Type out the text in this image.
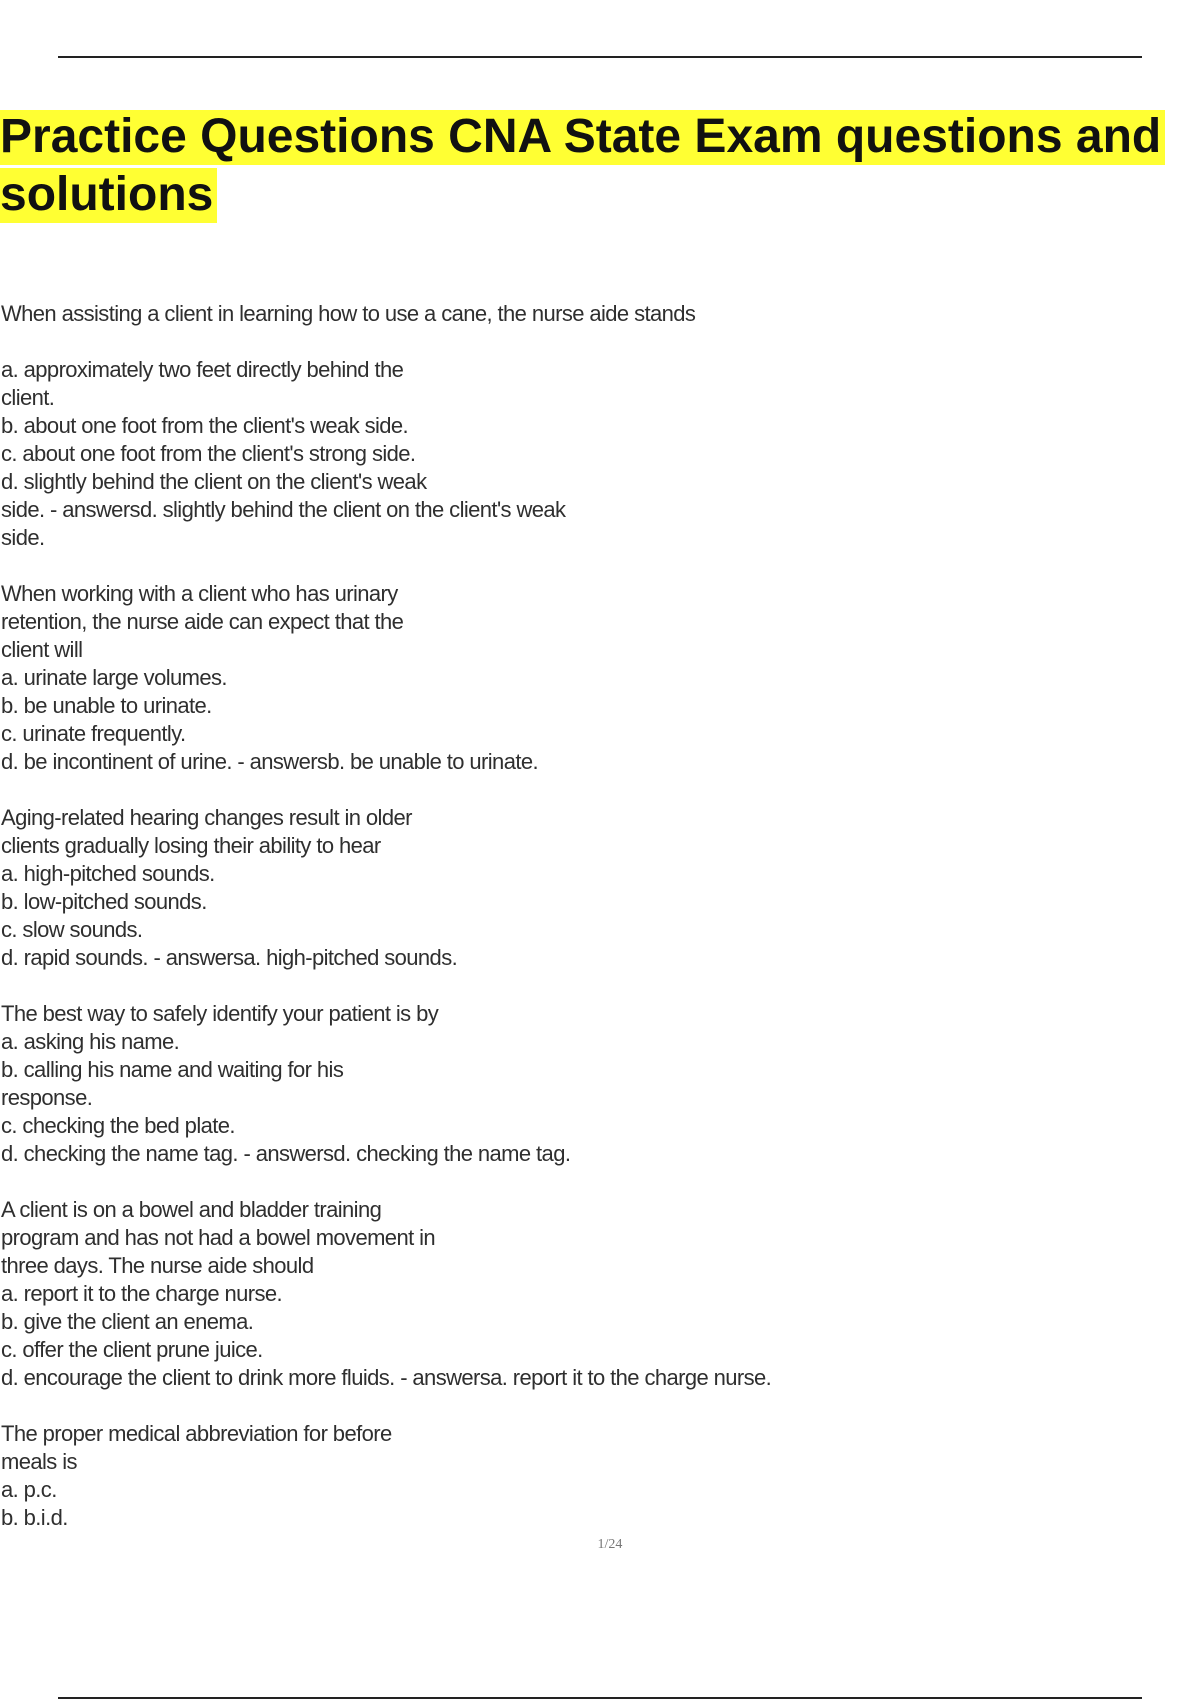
Practice Questions CNA State Exam questions and
solutions
When assisting a client in learning how to use a cane, the nurse aide stands
a. approximately two feet directly behind the
client.
b. about one foot from the client's weak side.
c. about one foot from the client's strong side.
d. slightly behind the client on the client's weak
side. - answersd. slightly behind the client on the client's weak
side.
When working with a client who has urinary
retention, the nurse aide can expect that the
client will
a. urinate large volumes.
b. be unable to urinate.
c. urinate frequently.
d. be incontinent of urine. - answersb. be unable to urinate.
Aging-related hearing changes result in older
clients gradually losing their ability to hear
a. high-pitched sounds.
b. low-pitched sounds.
c. slow sounds.
d. rapid sounds. - answersa. high-pitched sounds.
The best way to safely identify your patient is by
a. asking his name.
b. calling his name and waiting for his
response.
c. checking the bed plate.
d. checking the name tag. - answersd. checking the name tag.
A client is on a bowel and bladder training
program and has not had a bowel movement in
three days. The nurse aide should
a. report it to the charge nurse.
b. give the client an enema.
c. offer the client prune juice.
d. encourage the client to drink more fluids. - answersa. report it to the charge nurse.
The proper medical abbreviation for before
meals is
a. p.c.
b. b.i.d.
1/24
